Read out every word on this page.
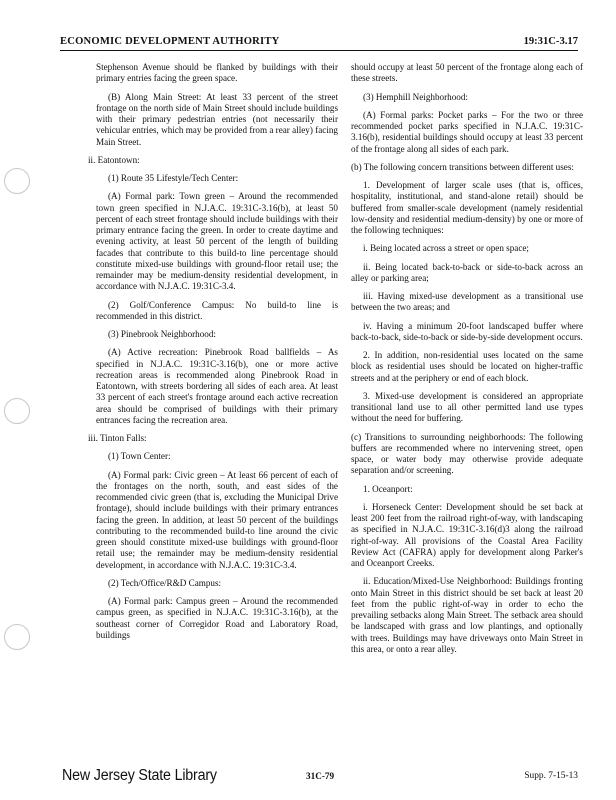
ECONOMIC DEVELOPMENT AUTHORITY	19:31C-3.17

Stephenson Avenue should be flanked by buildings with their primary entries facing the green space.

(B) Along Main Street: At least 33 percent of the street frontage on the north side of Main Street should include buildings with their primary pedestrian entries (not necessarily their vehicular entries, which may be provided from a rear alley) facing Main Street.

ii. Eatontown:

(1) Route 35 Lifestyle/Tech Center:

(A) Formal park: Town green – Around the recommended town green specified in N.J.A.C. 19:31C-3.16(b), at least 50 percent of each street frontage should include buildings with their primary entrance facing the green. In order to create daytime and evening activity, at least 50 percent of the length of building facades that contribute to this build-to line percentage should constitute mixed-use buildings with ground-floor retail use; the remainder may be medium-density residential development, in accordance with N.J.A.C. 19:31C-3.4.

(2) Golf/Conference Campus: No build-to line is recommended in this district.

(3) Pinebrook Neighborhood:

(A) Active recreation: Pinebrook Road ballfields – As specified in N.J.A.C. 19:31C-3.16(b), one or more active recreation areas is recommended along Pinebrook Road in Eatontown, with streets bordering all sides of each area. At least 33 percent of each street's frontage around each active recreation area should be comprised of buildings with their primary entrances facing the recreation area.

iii. Tinton Falls:

(1) Town Center:

(A) Formal park: Civic green – At least 66 percent of each of the frontages on the north, south, and east sides of the recommended civic green (that is, excluding the Municipal Drive frontage), should include buildings with their primary entrances facing the green. In addition, at least 50 percent of the buildings contributing to the recommended build-to line around the civic green should constitute mixed-use buildings with ground-floor retail use; the remainder may be medium-density residential development, in accordance with N.J.A.C. 19:31C-3.4.

(2) Tech/Office/R&D Campus:

(A) Formal park: Campus green – Around the recommended campus green, as specified in N.J.A.C. 19:31C-3.16(b), at the southeast corner of Corregidor Road and Laboratory Road, buildings

should occupy at least 50 percent of the frontage along each of these streets.

(3) Hemphill Neighborhood:

(A) Formal parks: Pocket parks – For the two or three recommended pocket parks specified in N.J.A.C. 19:31C-3.16(b), residential buildings should occupy at least 33 percent of the frontage along all sides of each park.

(b) The following concern transitions between different uses:

1. Development of larger scale uses (that is, offices, hospitality, institutional, and stand-alone retail) should be buffered from smaller-scale development (namely residential low-density and residential medium-density) by one or more of the following techniques:

i. Being located across a street or open space;

ii. Being located back-to-back or side-to-back across an alley or parking area;

iii. Having mixed-use development as a transitional use between the two areas; and

iv. Having a minimum 20-foot landscaped buffer where back-to-back, side-to-back or side-by-side development occurs.

2. In addition, non-residential uses located on the same block as residential uses should be located on higher-traffic streets and at the periphery or end of each block.

3. Mixed-use development is considered an appropriate transitional land use to all other permitted land use types without the need for buffering.

(c) Transitions to surrounding neighborhoods: The following buffers are recommended where no intervening street, open space, or water body may otherwise provide adequate separation and/or screening.

1. Oceanport:

i. Horseneck Center: Development should be set back at least 200 feet from the railroad right-of-way, with landscaping as specified in N.J.A.C. 19:31C-3.16(d)3 along the railroad right-of-way. All provisions of the Coastal Area Facility Review Act (CAFRA) apply for development along Parker's and Oceanport Creeks.

ii. Education/Mixed-Use Neighborhood: Buildings fronting onto Main Street in this district should be set back at least 20 feet from the public right-of-way in order to echo the prevailing setbacks along Main Street. The setback area should be landscaped with grass and low plantings, and optionally with trees. Buildings may have driveways onto Main Street in this area, or onto a rear alley.

New Jersey State Library	31C-79	Supp. 7-15-13
